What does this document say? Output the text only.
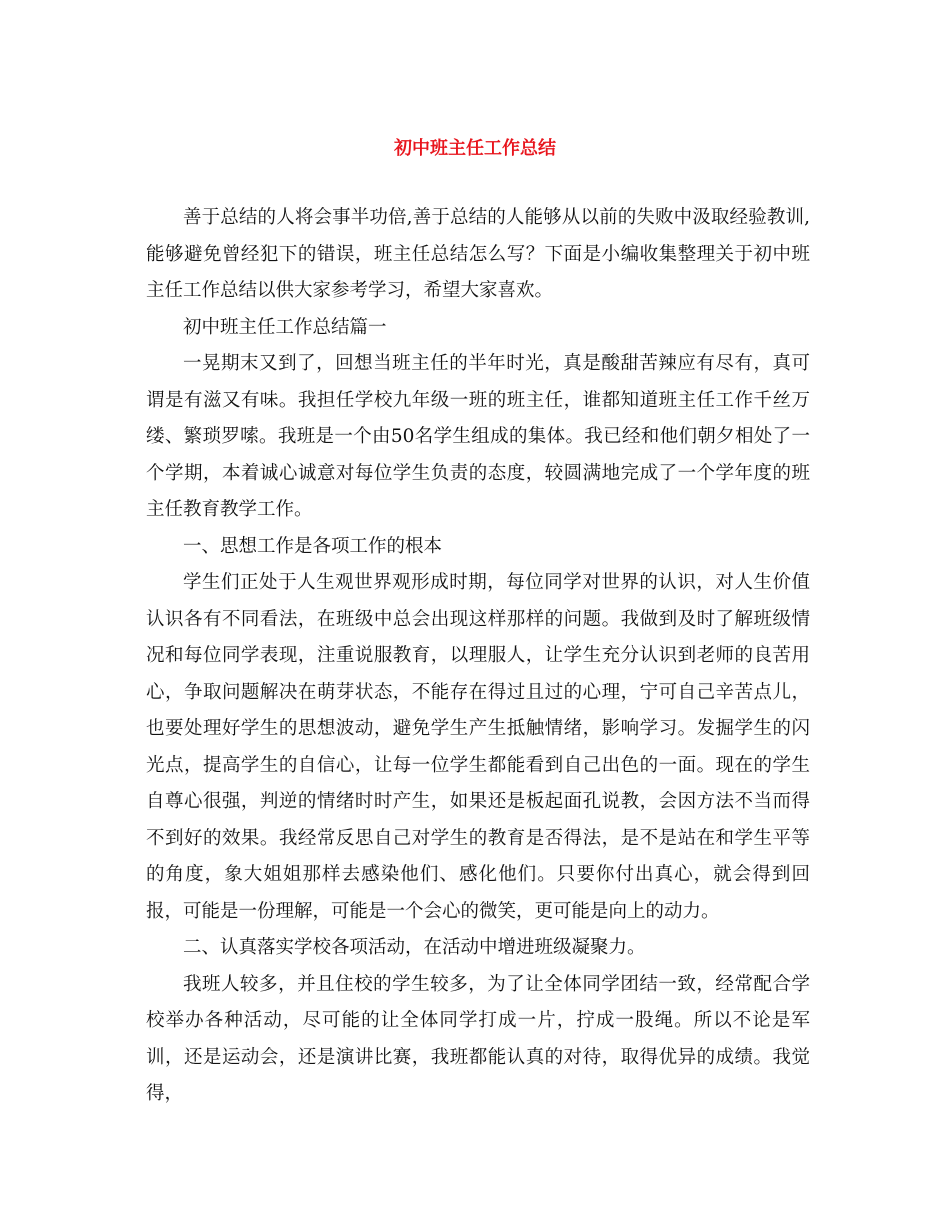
初中班主任工作总结

善于总结的人将会事半功倍,善于总结的人能够从以前的失败中汲取经验教训,能够避免曾经犯下的错误，班主任总结怎么写？下面是小编收集整理关于初中班主任工作总结以供大家参考学习，希望大家喜欢。

初中班主任工作总结篇一

一晃期末又到了，回想当班主任的半年时光，真是酸甜苦辣应有尽有，真可谓是有滋又有味。我担任学校九年级一班的班主任，谁都知道班主任工作千丝万缕、繁琐罗嗦。我班是一个由50名学生组成的集体。我已经和他们朝夕相处了一个学期，本着诚心诚意对每位学生负责的态度，较圆满地完成了一个学年度的班主任教育教学工作。

一、思想工作是各项工作的根本

学生们正处于人生观世界观形成时期，每位同学对世界的认识，对人生价值认识各有不同看法，在班级中总会出现这样那样的问题。我做到及时了解班级情况和每位同学表现，注重说服教育，以理服人，让学生充分认识到老师的良苦用心，争取问题解决在萌芽状态，不能存在得过且过的心理，宁可自己辛苦点儿，也要处理好学生的思想波动，避免学生产生抵触情绪，影响学习。发掘学生的闪光点，提高学生的自信心，让每一位学生都能看到自己出色的一面。现在的学生自尊心很强，判逆的情绪时时产生，如果还是板起面孔说教，会因方法不当而得不到好的效果。我经常反思自己对学生的教育是否得法，是不是站在和学生平等的角度，象大姐姐那样去感染他们、感化他们。只要你付出真心，就会得到回报，可能是一份理解，可能是一个会心的微笑，更可能是向上的动力。

二、认真落实学校各项活动，在活动中增进班级凝聚力。

我班人较多，并且住校的学生较多，为了让全体同学团结一致，经常配合学校举办各种活动，尽可能的让全体同学打成一片，拧成一股绳。所以不论是军训，还是运动会，还是演讲比赛，我班都能认真的对待，取得优异的成绩。我觉得，
